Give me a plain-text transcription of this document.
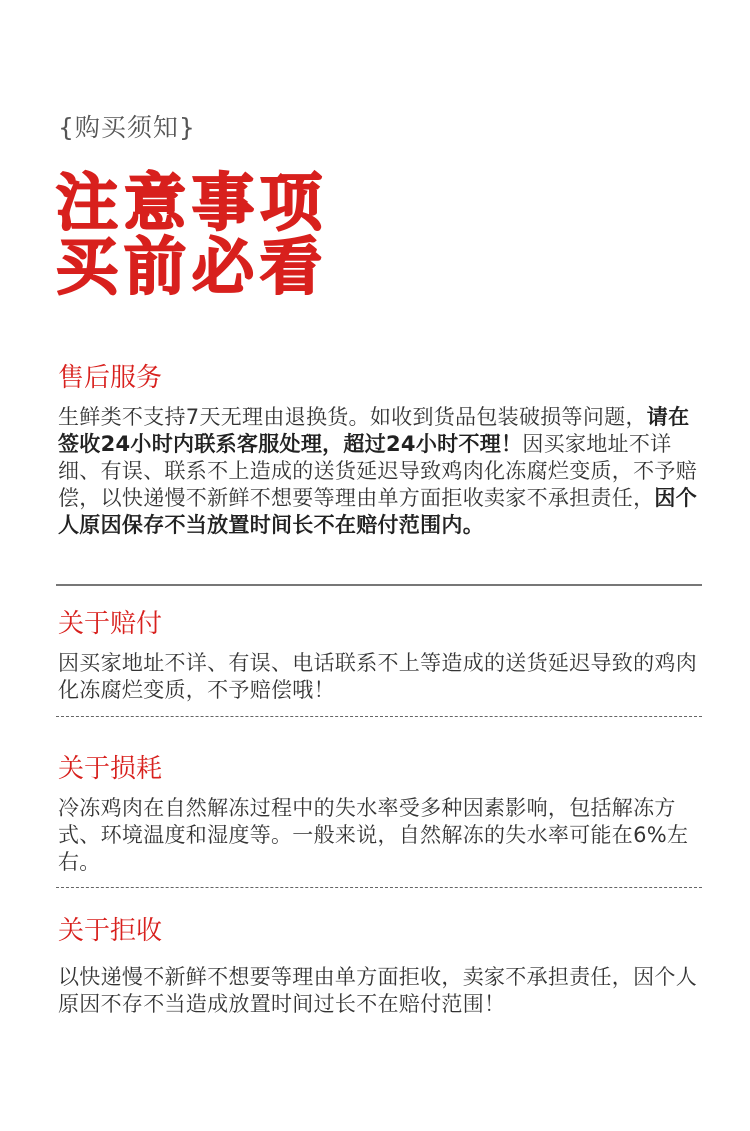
{购买须知}
注意事项
买前必看
售后服务
生鲜类不支持7天无理由退换货。如收到货品包装破损等问题，请在签收24小时内联系客服处理，超过24小时不理！因买家地址不详细、有误、联系不上造成的送货延迟导致鸡肉化冻腐烂变质，不予赔偿，以快递慢不新鲜不想要等理由单方面拒收卖家不承担责任，因个人原因保存不当放置时间长不在赔付范围内。
关于赔付
因买家地址不详、有误、电话联系不上等造成的送货延迟导致的鸡肉化冻腐烂变质，不予赔偿哦！
关于损耗
冷冻鸡肉在自然解冻过程中的失水率受多种因素影响，包括解冻方式、环境温度和湿度等。一般来说，自然解冻的失水率可能在6%左右。
关于拒收
以快递慢不新鲜不想要等理由单方面拒收，卖家不承担责任，因个人原因不存不当造成放置时间过长不在赔付范围！
